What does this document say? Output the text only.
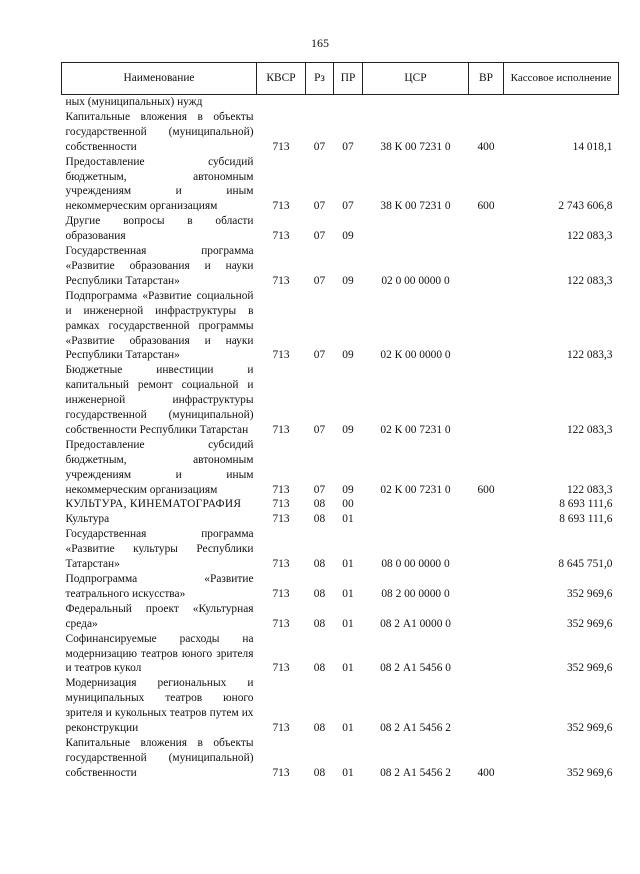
165
Наименование	КВСР	Рз	ПР	ЦСР	ВР	Кассовое исполнение
ных (муниципальных) нужд						
Капитальные вложения в объекты государственной (муниципальной) собственности	713	07	07	38 К 00 7231 0	400	14 018,1
Предоставление субсидий бюджетным, автономным учреждениям и иным некоммерческим организациям	713	07	07	38 К 00 7231 0	600	2 743 606,8
Другие вопросы в области образования	713	07	09			122 083,3
Государственная программа «Развитие образования и науки Республики Татарстан»	713	07	09	02 0 00 0000 0		122 083,3
Подпрограмма «Развитие социальной и инженерной инфраструктуры в рамках государственной программы «Развитие образования и науки Республики Татарстан»	713	07	09	02 К 00 0000 0		122 083,3
Бюджетные инвестиции и капитальный ремонт социальной и инженерной инфраструктуры государственной (муниципальной) собственности Республики Татарстан	713	07	09	02 К 00 7231 0		122 083,3
Предоставление субсидий бюджетным, автономным учреждениям и иным некоммерческим организациям	713	07	09	02 К 00 7231 0	600	122 083,3
КУЛЬТУРА, КИНЕМАТОГРАФИЯ	713	08	00			8 693 111,6
Культура	713	08	01			8 693 111,6
Государственная программа «Развитие культуры Республики Татарстан»	713	08	01	08 0 00 0000 0		8 645 751,0
Подпрограмма «Развитие театрального искусства»	713	08	01	08 2 00 0000 0		352 969,6
Федеральный проект «Культурная среда»	713	08	01	08 2 А1 0000 0		352 969,6
Софинансируемые расходы на модернизацию театров юного зрителя и театров кукол	713	08	01	08 2 А1 5456 0		352 969,6
Модернизация региональных и муниципальных театров юного зрителя и кукольных театров путем их реконструкции	713	08	01	08 2 А1 5456 2		352 969,6
Капитальные вложения в объекты государственной (муниципальной) собственности	713	08	01	08 2 А1 5456 2	400	352 969,6
